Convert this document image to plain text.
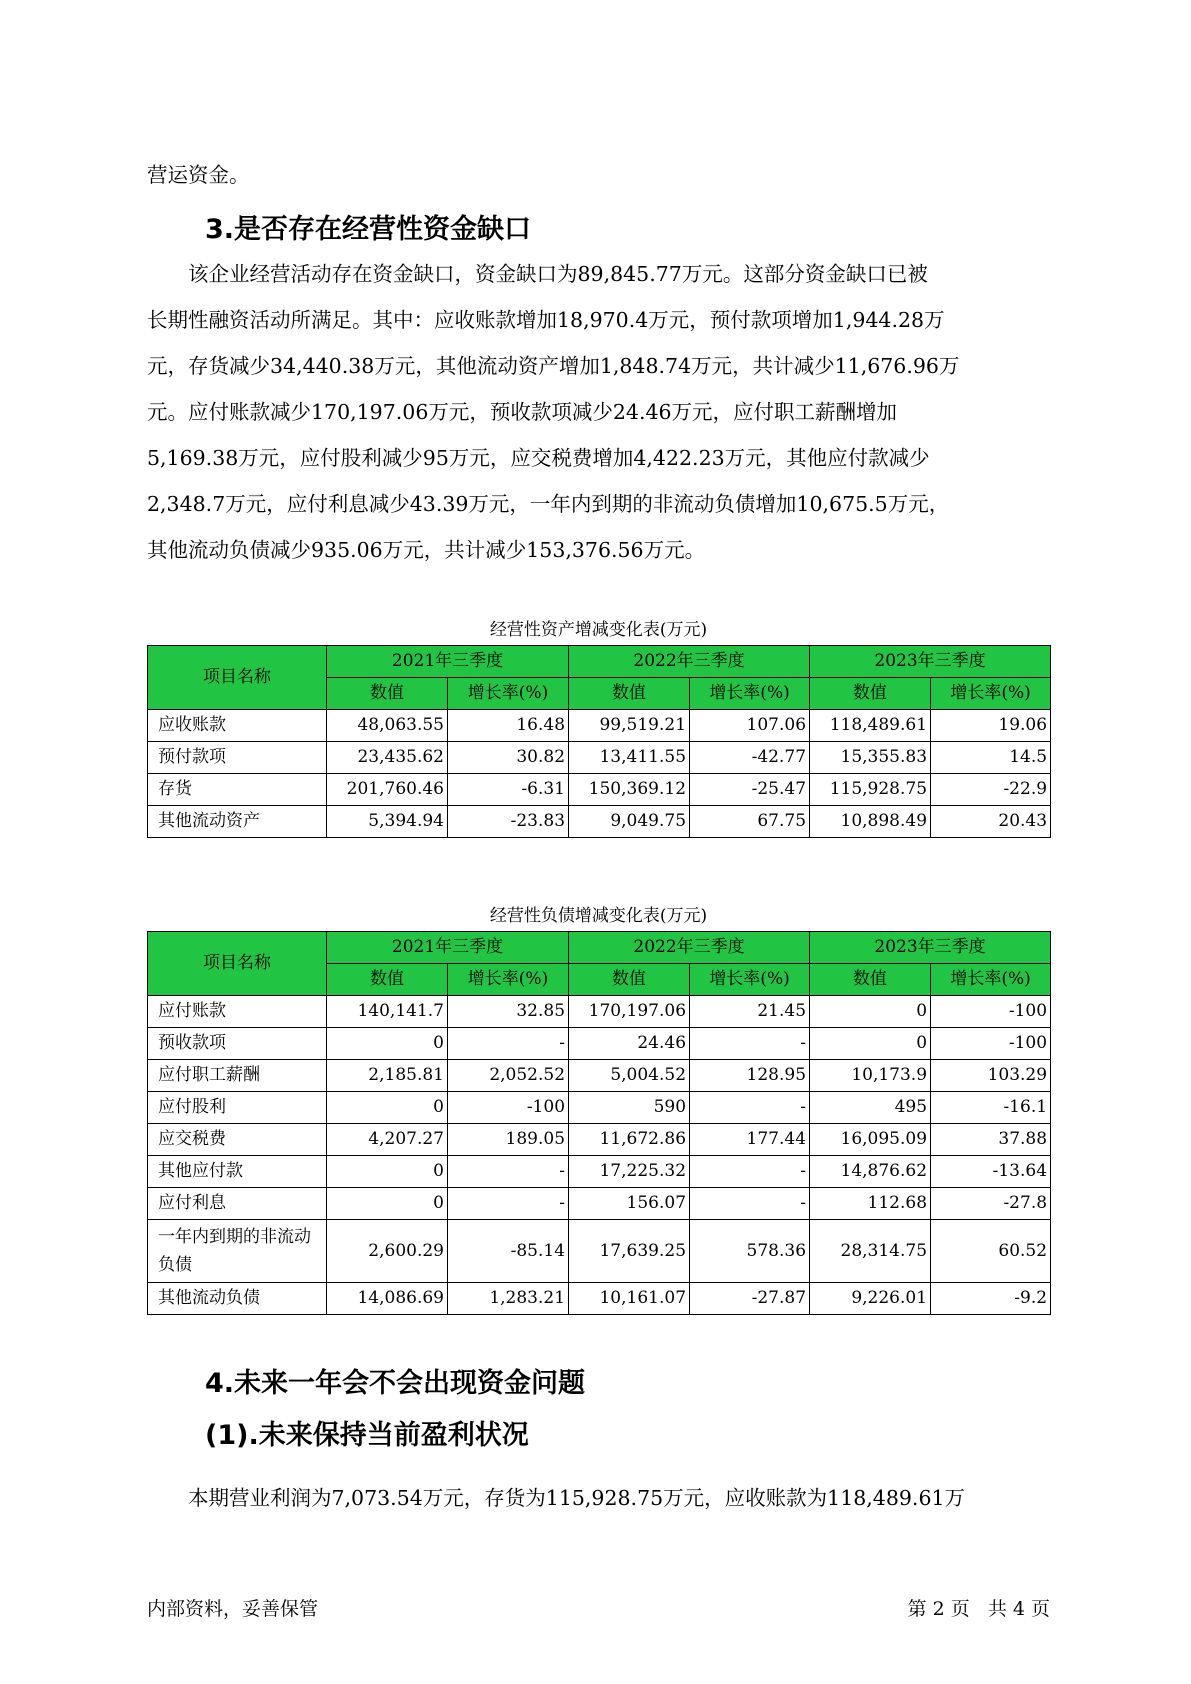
营运资金。
3.是否存在经营性资金缺口
该企业经营活动存在资金缺口，资金缺口为89,845.77万元。这部分资金缺口已被
长期性融资活动所满足。其中：应收账款增加18,970.4万元，预付款项增加1,944.28万
元，存货减少34,440.38万元，其他流动资产增加1,848.74万元，共计减少11,676.96万
元。应付账款减少170,197.06万元，预收款项减少24.46万元，应付职工薪酬增加
5,169.38万元，应付股利减少95万元，应交税费增加4,422.23万元，其他应付款减少
2,348.7万元，应付利息减少43.39万元，一年内到期的非流动负债增加10,675.5万元，
其他流动负债减少935.06万元，共计减少153,376.56万元。
经营性资产增减变化表(万元)
项目名称	2021年三季度		2022年三季度		2023年三季度	
	数值	增长率(%)	数值	增长率(%)	数值	增长率(%)
应收账款	48,063.55	16.48	99,519.21	107.06	118,489.61	19.06
预付款项	23,435.62	30.82	13,411.55	-42.77	15,355.83	14.5
存货	201,760.46	-6.31	150,369.12	-25.47	115,928.75	-22.9
其他流动资产	5,394.94	-23.83	9,049.75	67.75	10,898.49	20.43
经营性负债增减变化表(万元)
项目名称	2021年三季度		2022年三季度		2023年三季度	
	数值	增长率(%)	数值	增长率(%)	数值	增长率(%)
应付账款	140,141.7	32.85	170,197.06	21.45	0	-100
预收款项	0	-	24.46	-	0	-100
应付职工薪酬	2,185.81	2,052.52	5,004.52	128.95	10,173.9	103.29
应付股利	0	-100	590	-	495	-16.1
应交税费	4,207.27	189.05	11,672.86	177.44	16,095.09	37.88
其他应付款	0	-	17,225.32	-	14,876.62	-13.64
应付利息	0	-	156.07	-	112.68	-27.8
一年内到期的非流动负债	2,600.29	-85.14	17,639.25	578.36	28,314.75	60.52
其他流动负债	14,086.69	1,283.21	10,161.07	-27.87	9,226.01	-9.2
4.未来一年会不会出现资金问题
(1).未来保持当前盈利状况
本期营业利润为7,073.54万元，存货为115,928.75万元，应收账款为118,489.61万
内部资料，妥善保管	第 2 页   共 4 页
